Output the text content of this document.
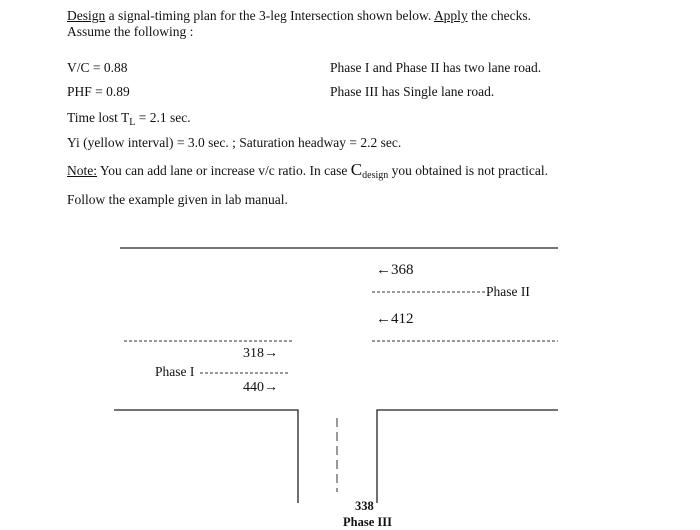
Design a signal-timing plan for the 3-leg Intersection shown below. Apply the checks.
Assume the following :
V/C = 0.88	Phase I and Phase II has two lane road.
PHF = 0.89	Phase III has Single lane road.
Time lost $T_L = 2.1$ sec.
Yi (yellow interval) = 3.0 sec. ; Saturation headway = 2.2 sec.
Note: You can add lane or increase v/c ratio. In case $C_{design}$ you obtained is not practical.
Follow the example given in lab manual.
←368
Phase II
←412
318→
Phase I
440→
338
Phase III
